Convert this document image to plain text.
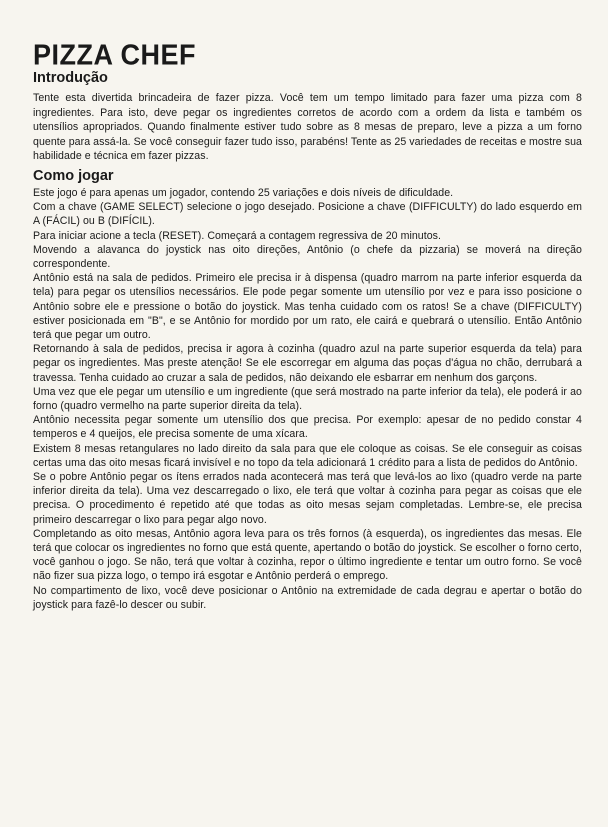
PIZZA CHEF
Introdução

Tente esta divertida brincadeira de fazer pizza. Você tem um tempo limitado para fazer uma pizza com 8 ingredientes. Para isto, deve pegar os ingredientes corretos de acordo com a ordem da lista e também os utensílios apropriados. Quando finalmente estiver tudo sobre as 8 mesas de preparo, leve a pizza a um forno quente para assá-la. Se você conseguir fazer tudo isso, parabéns! Tente as 25 variedades de receitas e mostre sua habilidade e técnica em fazer pizzas.

Como jogar

Este jogo é para apenas um jogador, contendo 25 variações e dois níveis de dificuldade.

Com a chave (GAME SELECT) selecione o jogo desejado. Posicione a chave (DIFFICULTY) do lado esquerdo em A (FÁCIL) ou B (DIFÍCIL).

Para iniciar acione a tecla (RESET). Começará a contagem regressiva de 20 minutos.

Movendo a alavanca do joystick nas oito direções, Antônio (o chefe da pizzaria) se moverá na direção correspondente.

Antônio está na sala de pedidos. Primeiro ele precisa ir à dispensa (quadro marrom na parte inferior esquerda da tela) para pegar os utensílios necessários. Ele pode pegar somente um utensílio por vez e para isso posicione o Antônio sobre ele e pressione o botão do joystick. Mas tenha cuidado com os ratos! Se a chave (DIFFICULTY) estiver posicionada em "B", e se Antônio for mordido por um rato, ele cairá e quebrará o utensílio. Então Antônio terá que pegar um outro.

Retornando à sala de pedidos, precisa ir agora à cozinha (quadro azul na parte superior esquerda da tela) para pegar os ingredientes. Mas preste atenção! Se ele escorregar em alguma das poças d'água no chão, derrubará a travessa. Tenha cuidado ao cruzar a sala de pedidos, não deixando ele esbarrar em nenhum dos garçons.

Uma vez que ele pegar um utensílio e um ingrediente (que será mostrado na parte inferior da tela), ele poderá ir ao forno (quadro vermelho na parte superior direita da tela).

Antônio necessita pegar somente um utensílio dos que precisa. Por exemplo: apesar de no pedido constar 4 temperos e 4 queijos, ele precisa somente de uma xícara.

Existem 8 mesas retangulares no lado direito da sala para que ele coloque as coisas. Se ele conseguir as coisas certas uma das oito mesas ficará invisível e no topo da tela adicionará 1 crédito para a lista de pedidos do Antônio.

Se o pobre Antônio pegar os ítens errados nada acontecerá mas terá que levá-los ao lixo (quadro verde na parte inferior direita da tela). Uma vez descarregado o lixo, ele terá que voltar à cozinha para pegar as coisas que ele precisa. O procedimento é repetido até que todas as oito mesas sejam completadas. Lembre-se, ele precisa primeiro descarregar o lixo para pegar algo novo.

Completando as oito mesas, Antônio agora leva para os três fornos (à esquerda), os ingredientes das mesas. Ele terá que colocar os ingredientes no forno que está quente, apertando o botão do joystick. Se escolher o forno certo, você ganhou o jogo. Se não, terá que voltar à cozinha, repor o último ingrediente e tentar um outro forno. Se você não fizer sua pizza logo, o tempo irá esgotar e Antônio perderá o emprego.

No compartimento de lixo, você deve posicionar o Antônio na extremidade de cada degrau e apertar o botão do joystick para fazê-lo descer ou subir.
